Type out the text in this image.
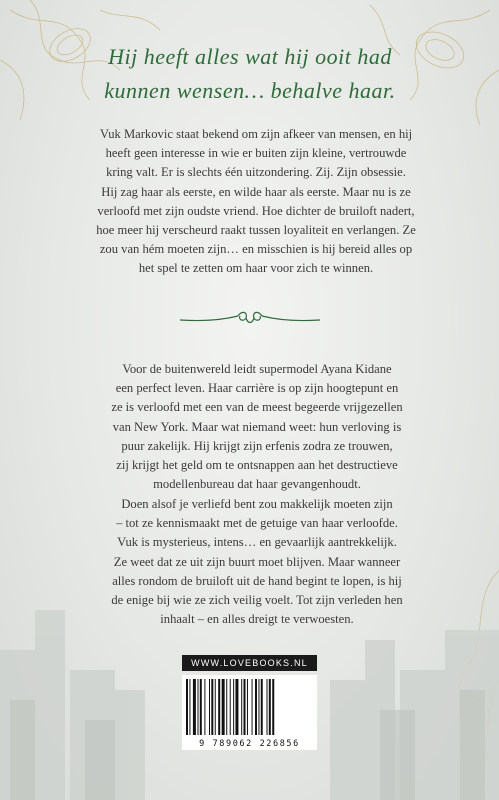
Hij heeft alles wat hij ooit had
kunnen wensen… behalve haar.
Vuk Markovic staat bekend om zijn afkeer van mensen, en hij
heeft geen interesse in wie er buiten zijn kleine, vertrouwde
kring valt. Er is slechts één uitzondering. Zij. Zijn obsessie.
Hij zag haar als eerste, en wilde haar als eerste. Maar nu is ze
verloofd met zijn oudste vriend. Hoe dichter de bruiloft nadert,
hoe meer hij verscheurd raakt tussen loyaliteit en verlangen. Ze
zou van hém moeten zijn… en misschien is hij bereid alles op
het spel te zetten om haar voor zich te winnen.
Voor de buitenwereld leidt supermodel Ayana Kidane
een perfect leven. Haar carrière is op zijn hoogtepunt en
ze is verloofd met een van de meest begeerde vrijgezellen
van New York. Maar wat niemand weet: hun verloving is
puur zakelijk. Hij krijgt zijn erfenis zodra ze trouwen,
zij krijgt het geld om te ontsnappen aan het destructieve
modellenbureau dat haar gevangenhoudt.
Doen alsof je verliefd bent zou makkelijk moeten zijn
– tot ze kennismaakt met de getuige van haar verloofde.
Vuk is mysterieus, intens… en gevaarlijk aantrekkelijk.
Ze weet dat ze uit zijn buurt moet blijven. Maar wanneer
alles rondom de bruiloft uit de hand begint te lopen, is hij
de enige bij wie ze zich veilig voelt. Tot zijn verleden hen
inhaalt – en alles dreigt te verwoesten.
WWW.LOVEBOOKS.NL
9 789062 226856
